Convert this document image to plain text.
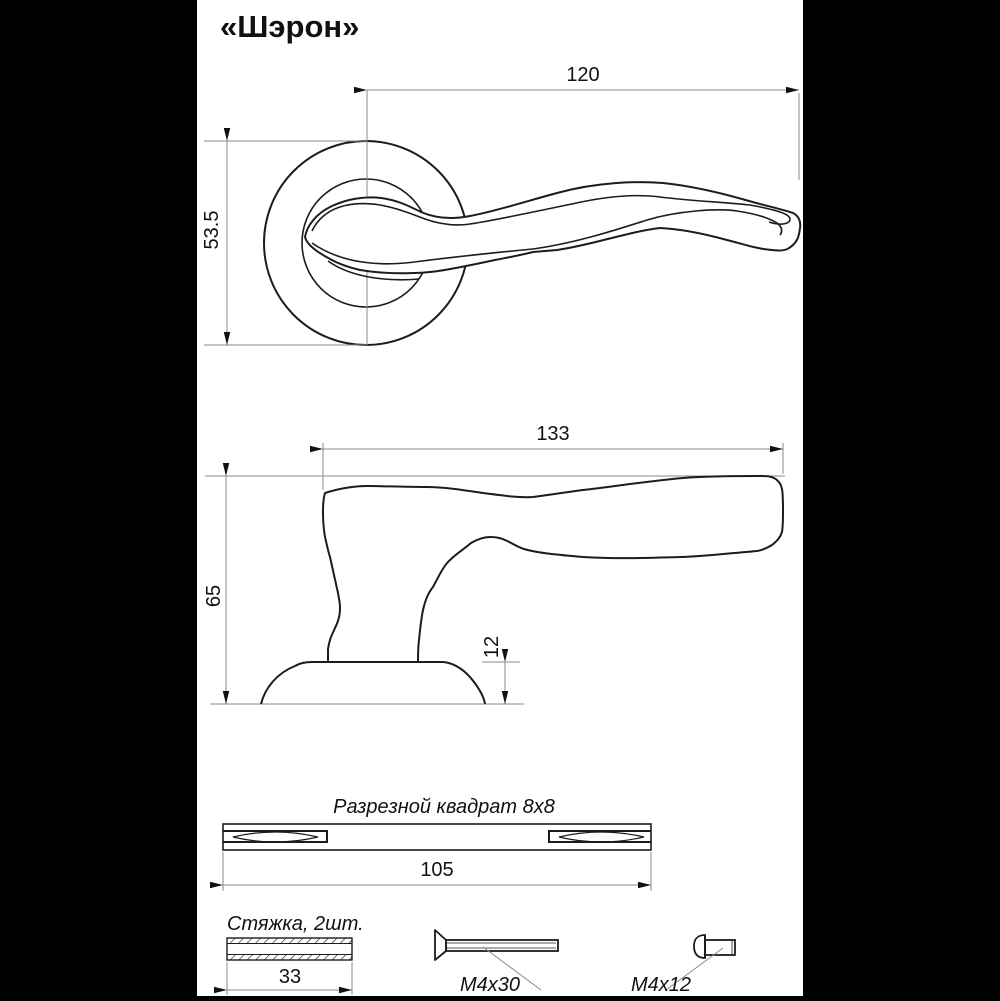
«Шэрон»
120
53.5
133
65
12
Разрезной квадрат 8х8
105
Стяжка, 2шт.
33	М4х30	М4х12
